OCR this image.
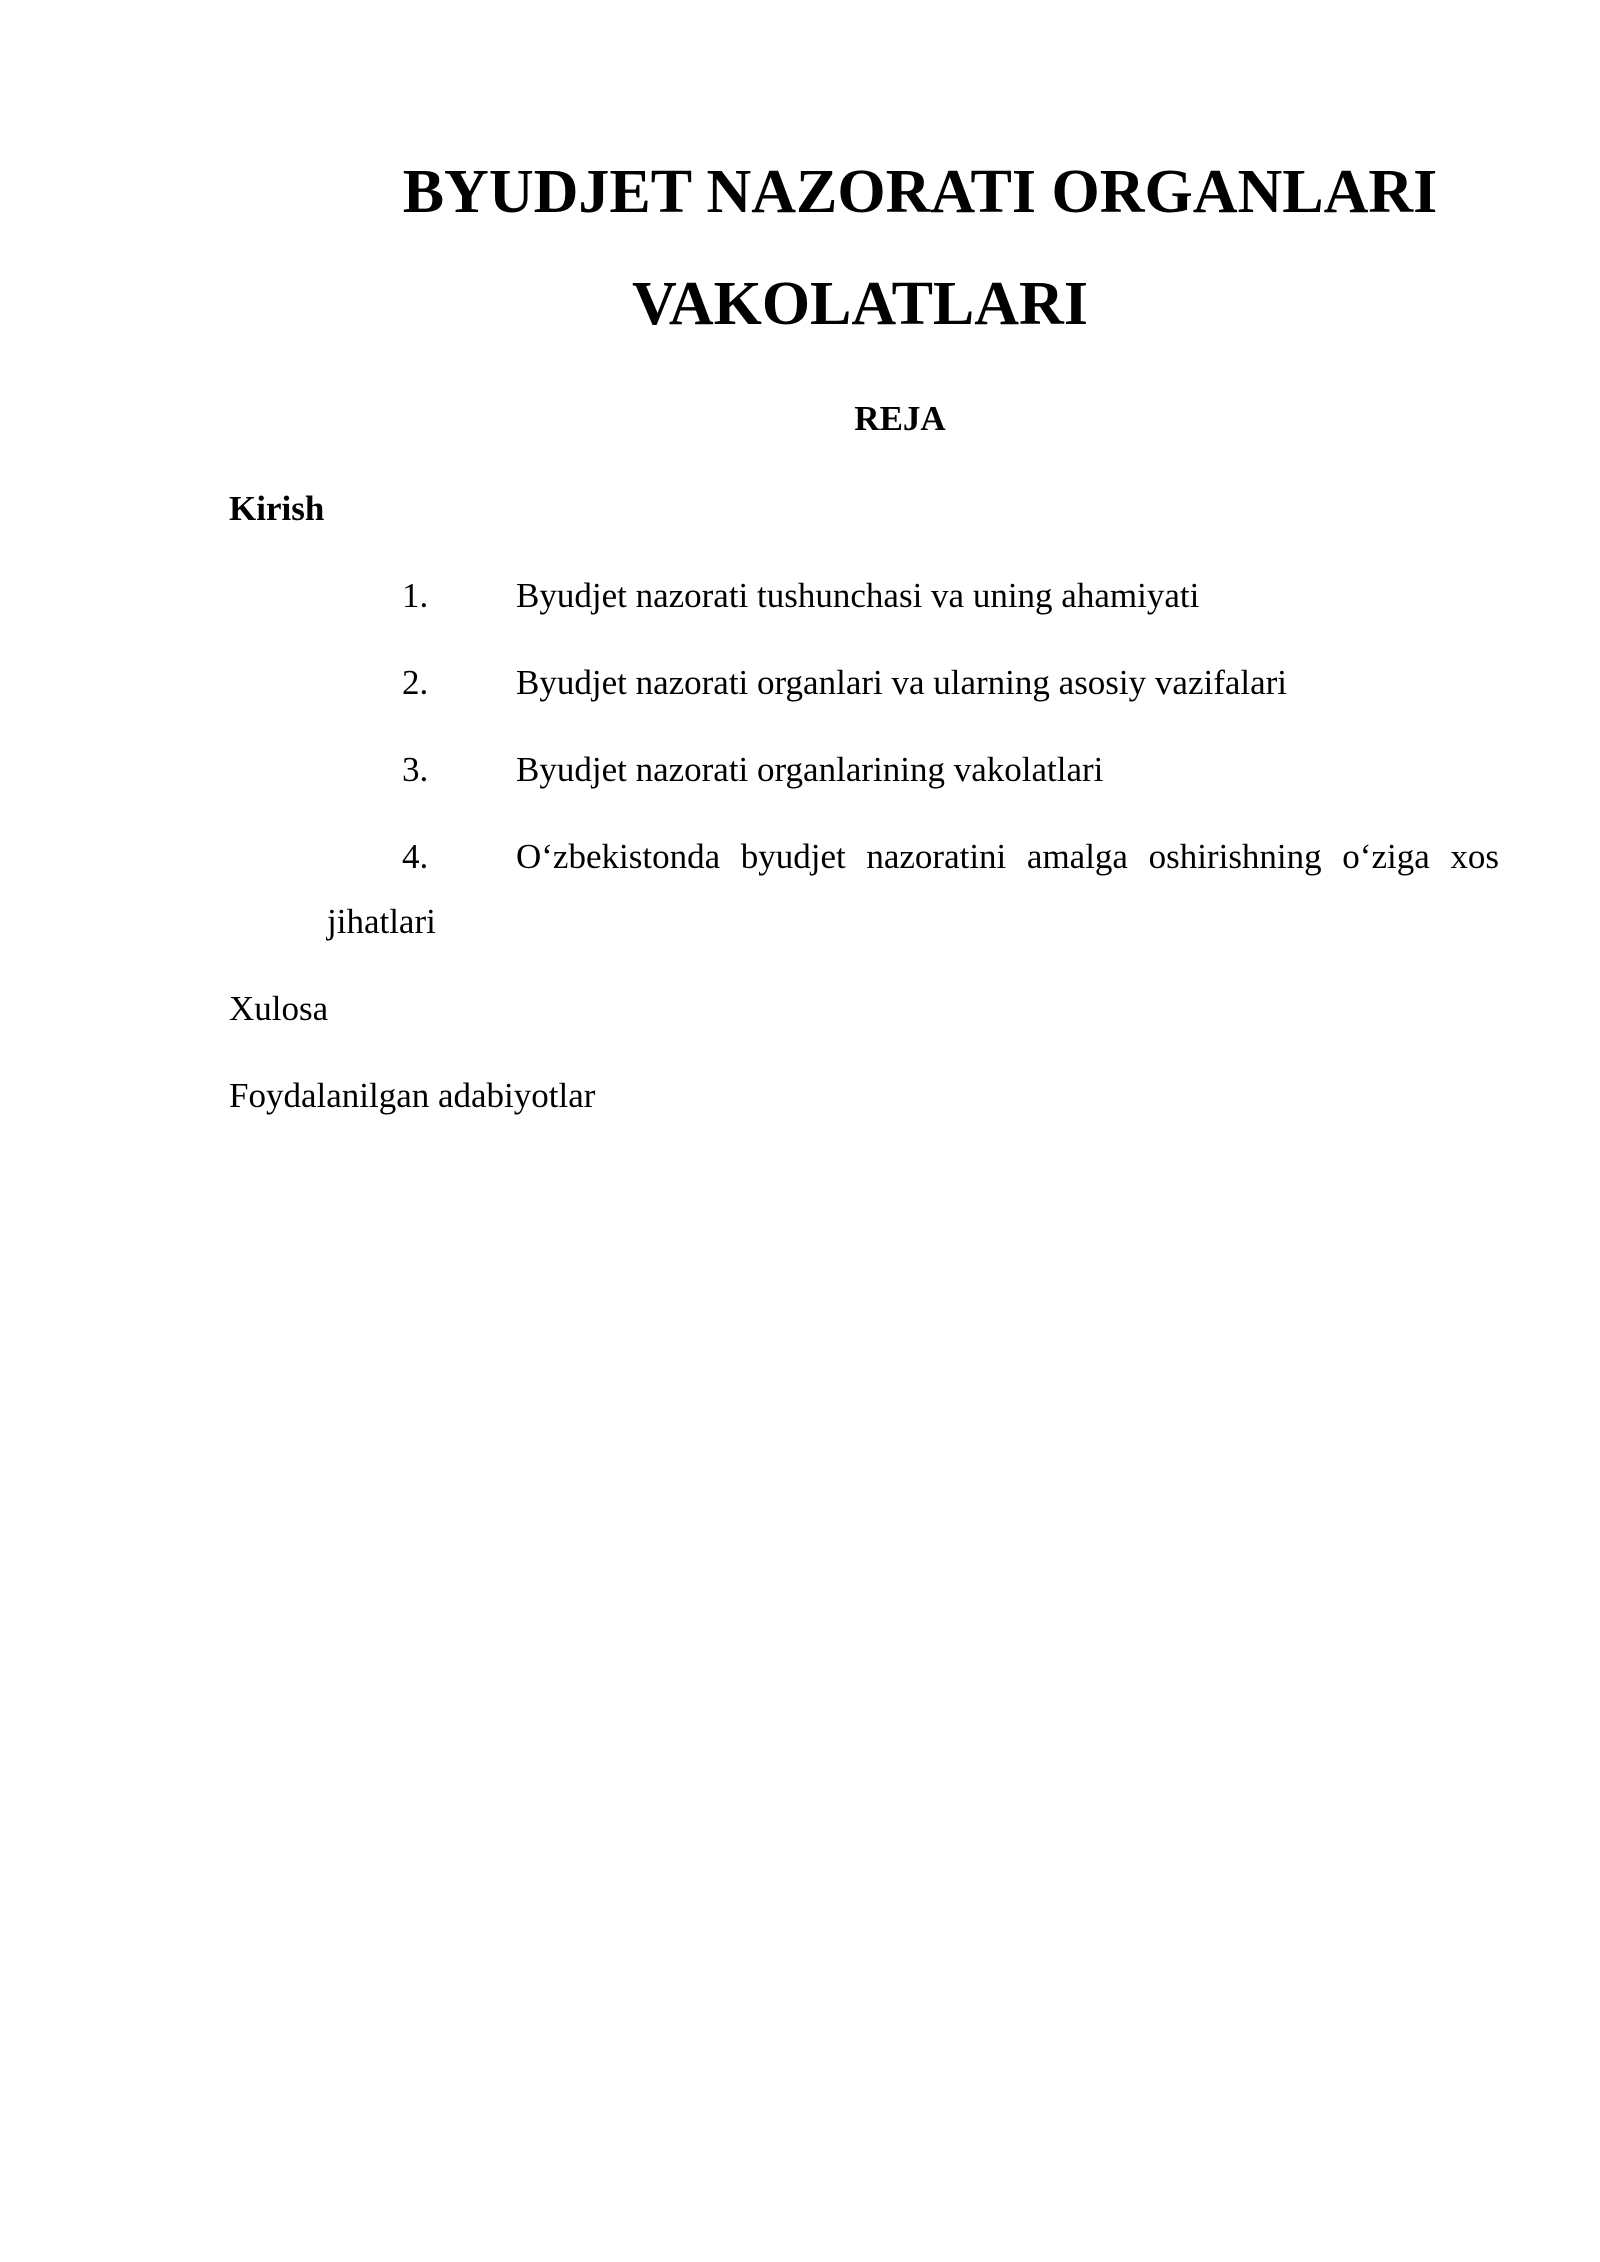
BYUDJET NAZORATI ORGANLARI
VAKOLATLARI
REJA
Kirish
1.	Byudjet nazorati tushunchasi va uning ahamiyati
2.	Byudjet nazorati organlari va ularning asosiy vazifalari
3.	Byudjet nazorati organlarining vakolatlari
4.	O‘zbekistonda byudjet nazoratini amalga oshirishning o‘ziga xos
jihatlari
Xulosa
Foydalanilgan adabiyotlar
